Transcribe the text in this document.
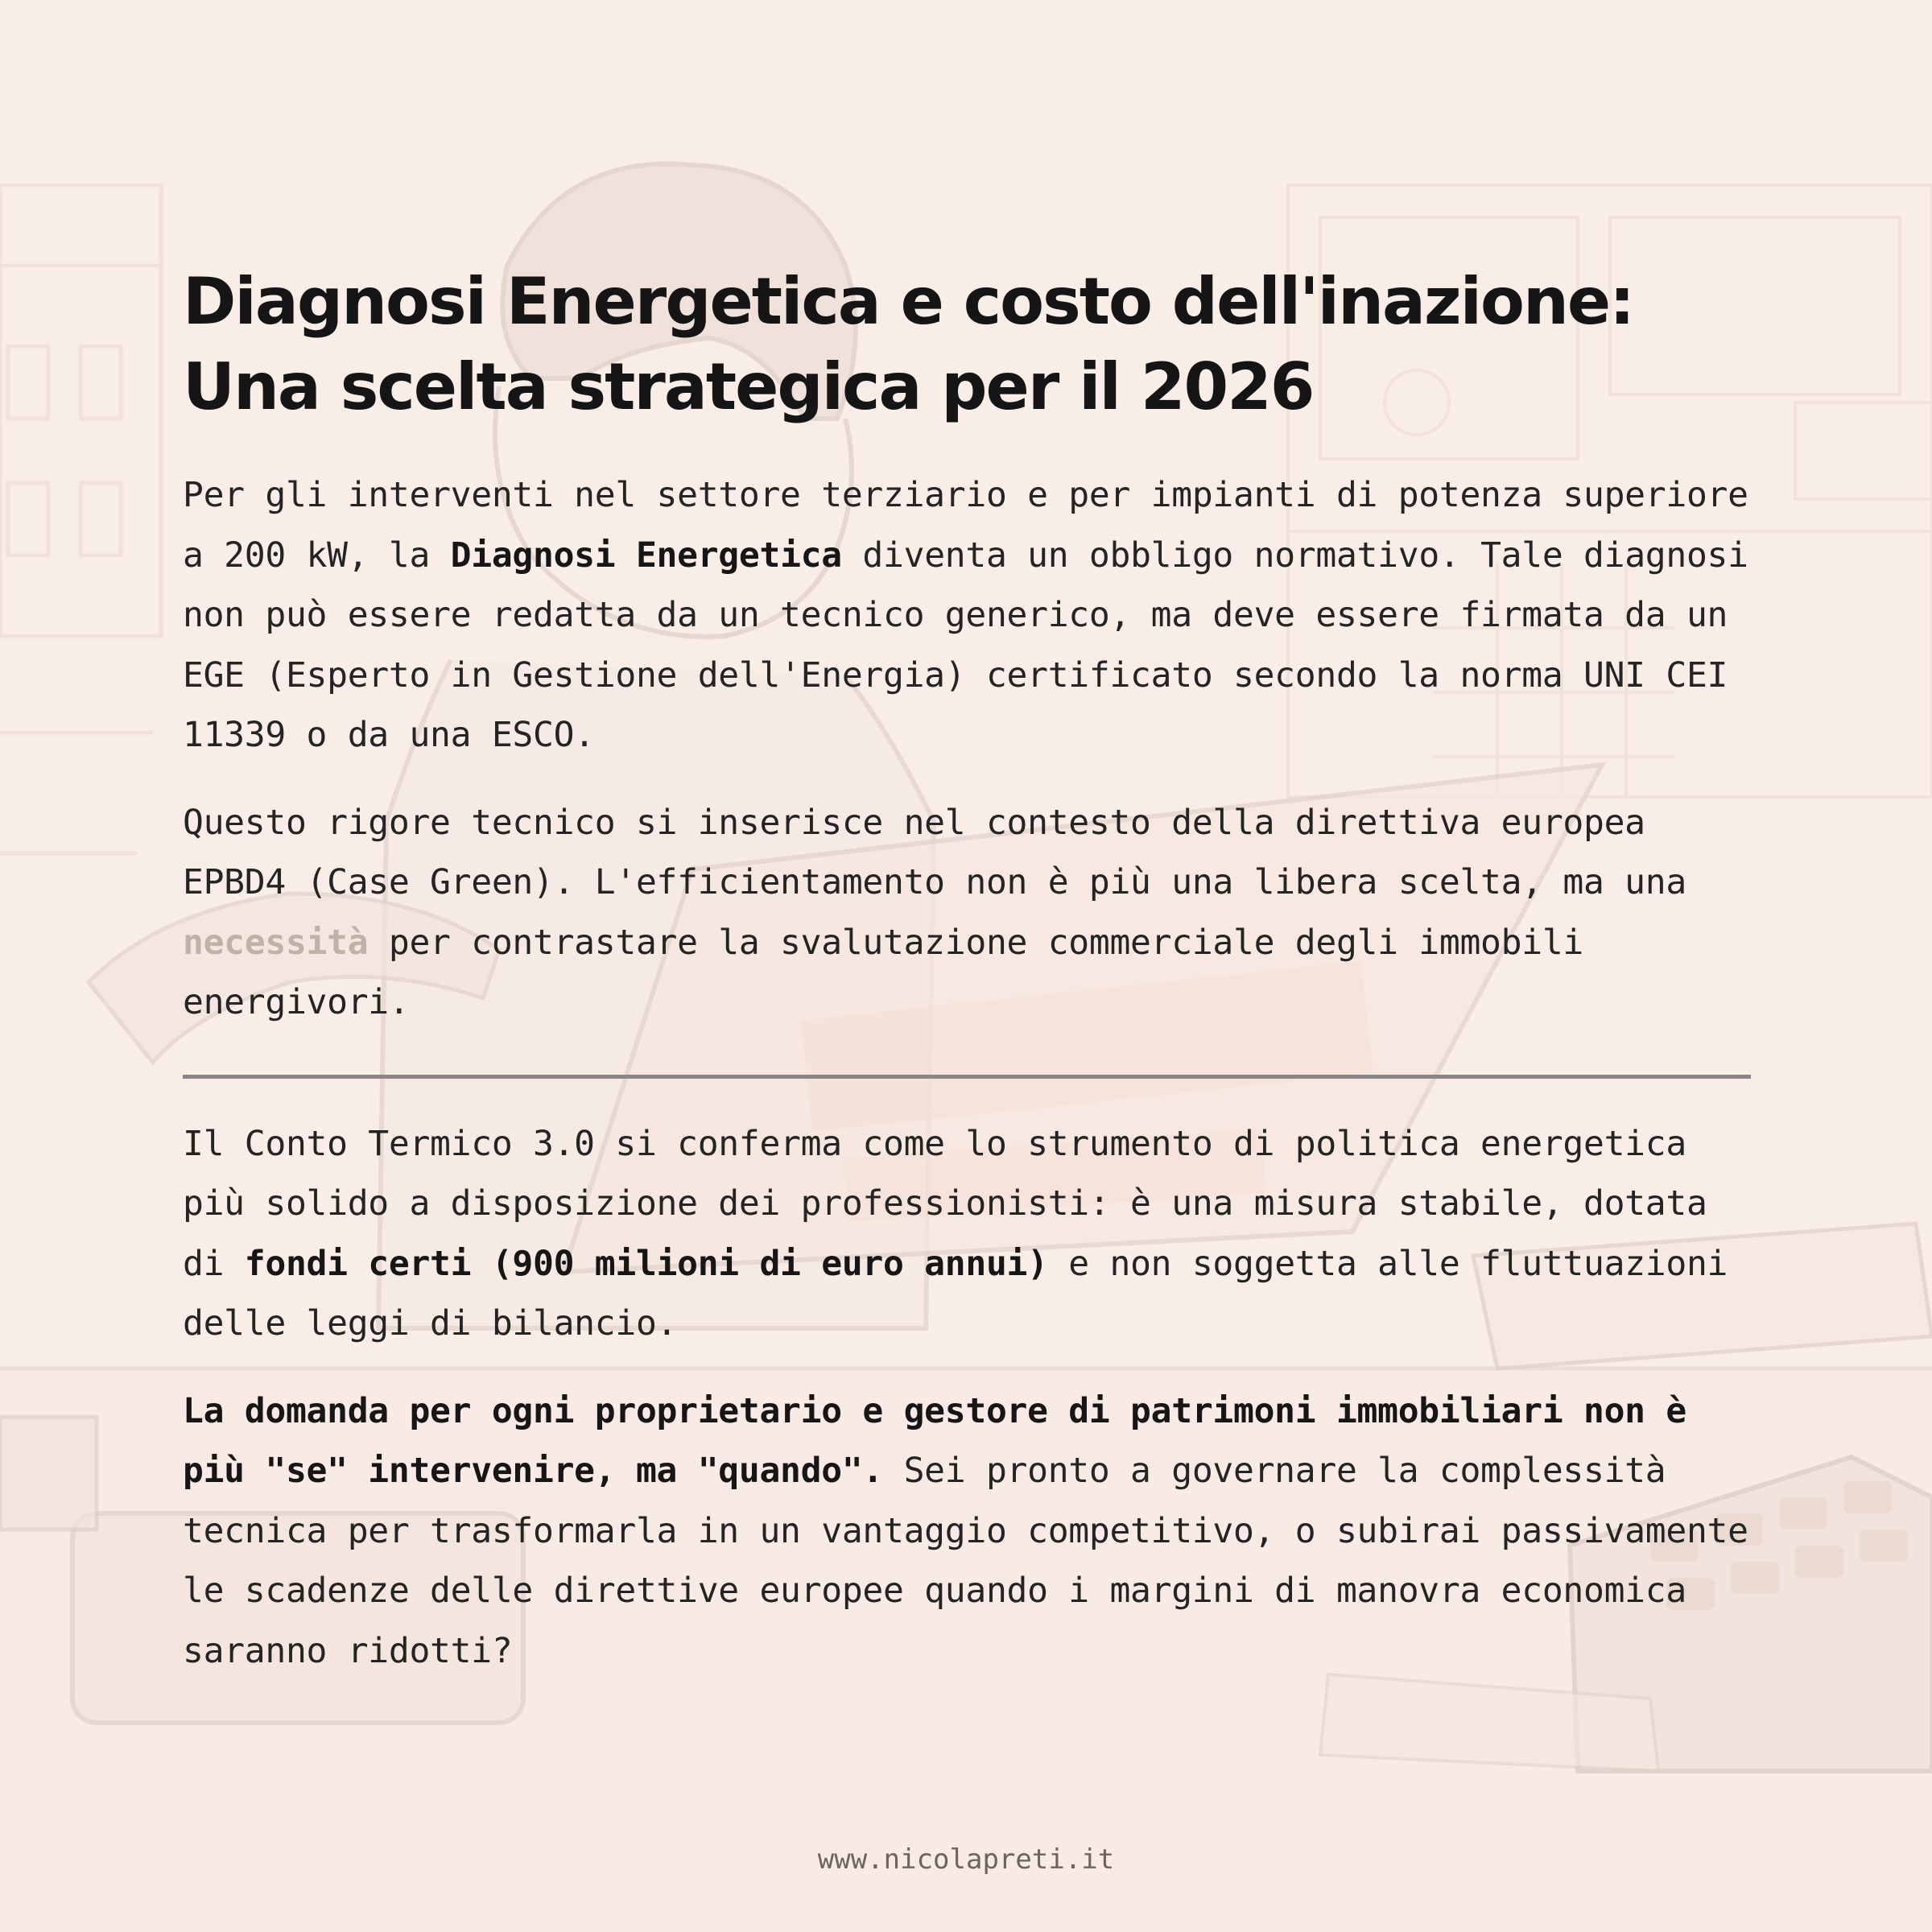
Diagnosi Energetica e costo dell'inazione:
Una scelta strategica per il 2026

Per gli interventi nel settore terziario e per impianti di potenza superiore a 200 kW, la Diagnosi Energetica diventa un obbligo normativo. Tale diagnosi non può essere redatta da un tecnico generico, ma deve essere firmata da un EGE (Esperto in Gestione dell'Energia) certificato secondo la norma UNI CEI 11339 o da una ESCO.

Questo rigore tecnico si inserisce nel contesto della direttiva europea EPBD4 (Case Green). L'efficientamento non è più una libera scelta, ma una necessità per contrastare la svalutazione commerciale degli immobili energivori.

Il Conto Termico 3.0 si conferma come lo strumento di politica energetica più solido a disposizione dei professionisti: è una misura stabile, dotata di fondi certi (900 milioni di euro annui) e non soggetta alle fluttuazioni delle leggi di bilancio.

La domanda per ogni proprietario e gestore di patrimoni immobiliari non è più "se" intervenire, ma "quando". Sei pronto a governare la complessità tecnica per trasformarla in un vantaggio competitivo, o subirai passivamente le scadenze delle direttive europee quando i margini di manovra economica saranno ridotti?

www.nicolapreti.it
